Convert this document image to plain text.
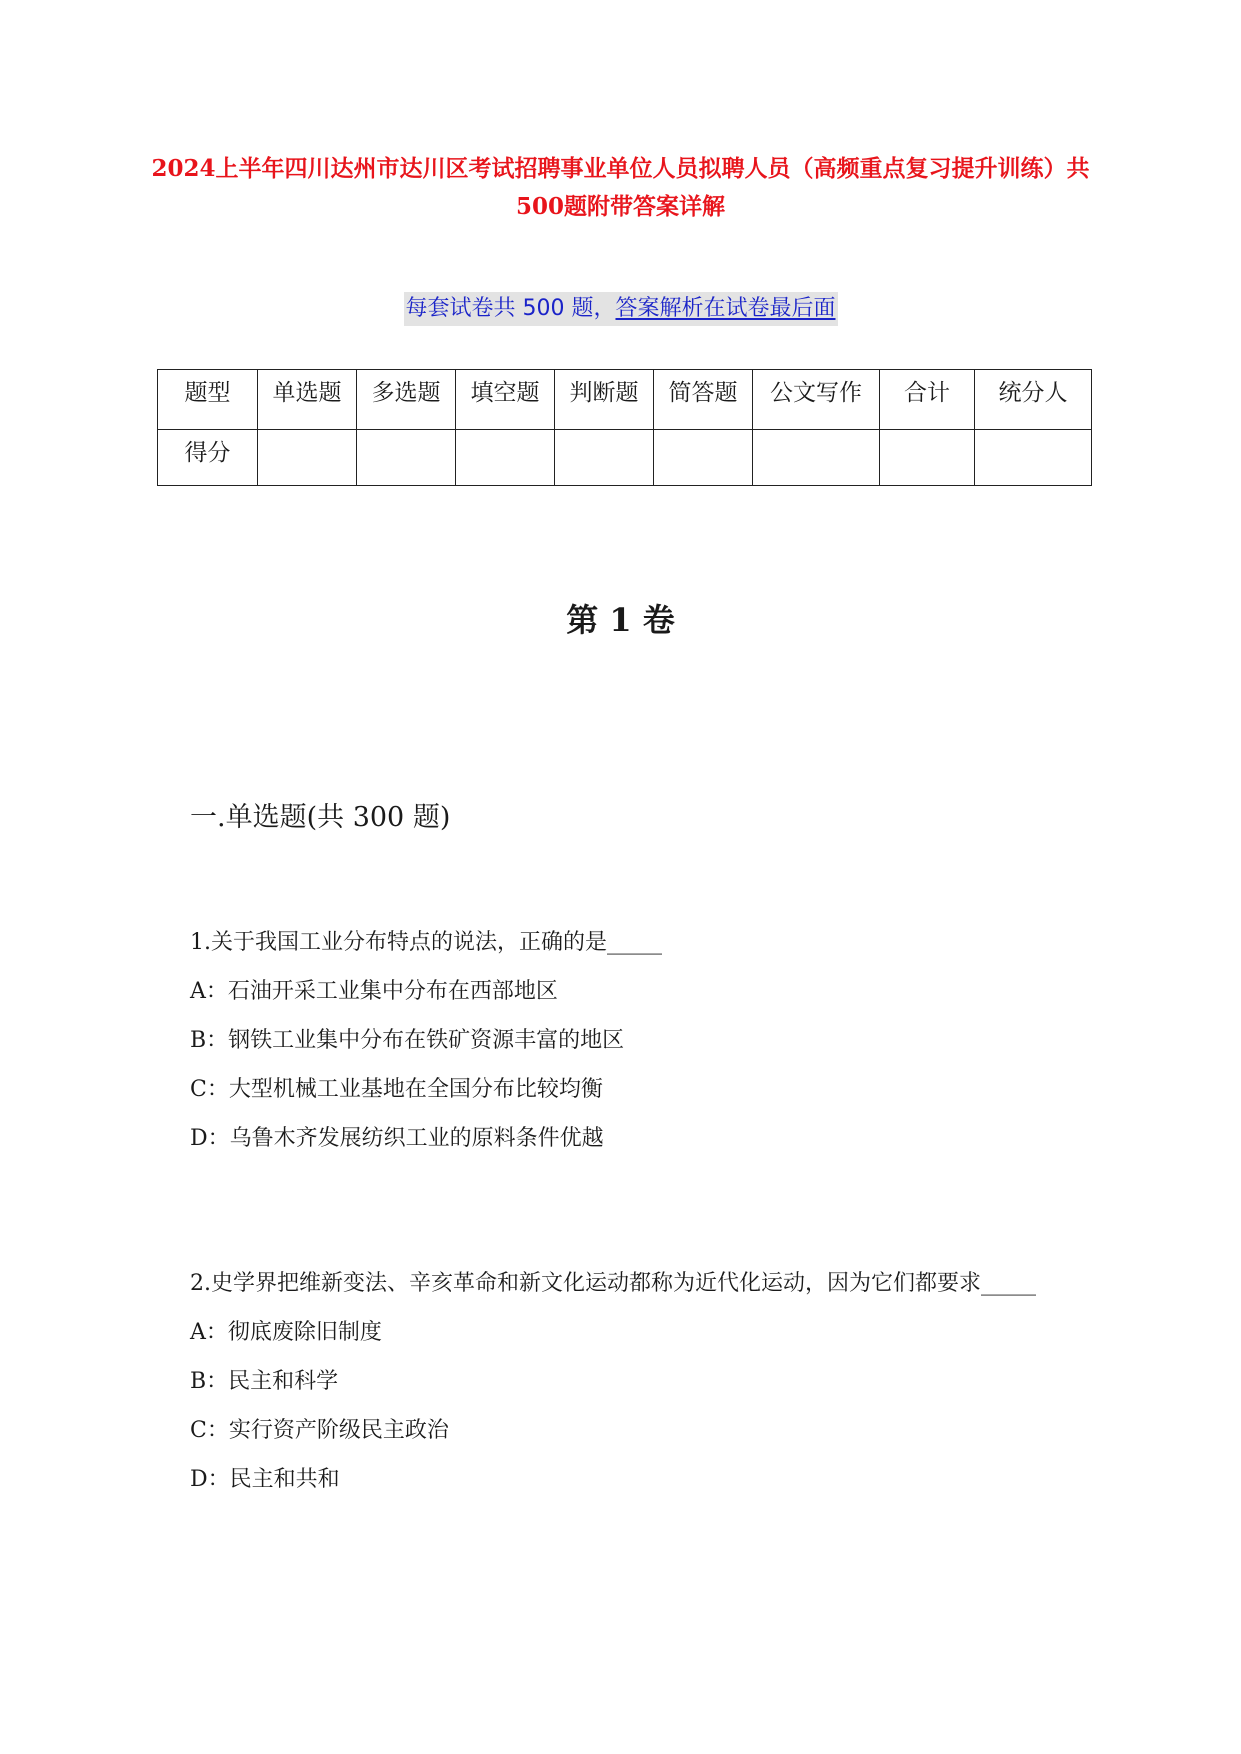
2024上半年四川达州市达川区考试招聘事业单位人员拟聘人员（高频重点复习提升训练）共500题附带答案详解
每套试卷共 500 题，答案解析在试卷最后面
题型	单选题	多选题	填空题	判断题	简答题	公文写作	合计	统分人
得分								
第 1 卷
一.单选题(共 300 题)

1.关于我国工业分布特点的说法，正确的是_____

A：石油开采工业集中分布在西部地区

B：钢铁工业集中分布在铁矿资源丰富的地区

C：大型机械工业基地在全国分布比较均衡

D：乌鲁木齐发展纺织工业的原料条件优越

2.史学界把维新变法、辛亥革命和新文化运动都称为近代化运动，因为它们都要求_____

A：彻底废除旧制度

B：民主和科学

C：实行资产阶级民主政治

D：民主和共和
